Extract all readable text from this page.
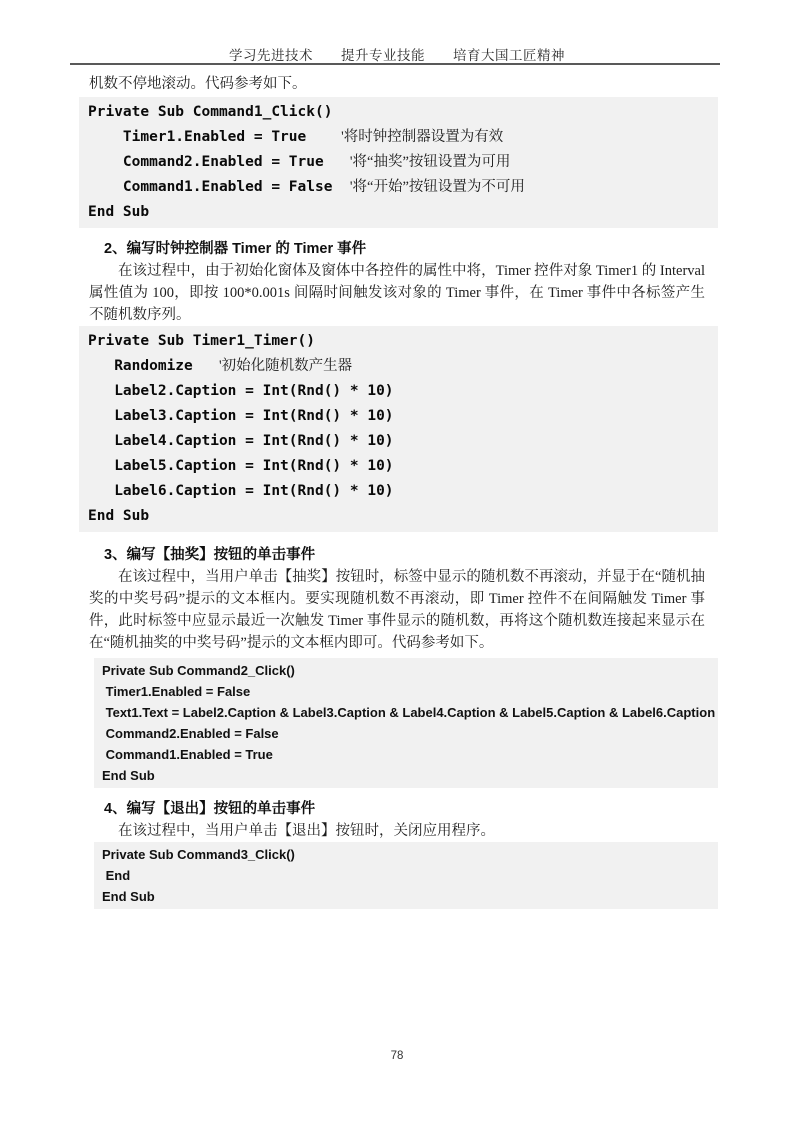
学习先进技术　　提升专业技能　　培育大国工匠精神
机数不停地滚动。代码参考如下。
Private Sub Command1_Click()
Timer1.Enabled = True    '将时钟控制器设置为有效
Command2.Enabled = True   '将“抽奖”按钮设置为可用
Command1.Enabled = False  '将“开始”按钮设置为不可用
End Sub
2、编写时钟控制器 Timer 的 Timer 事件
在该过程中，由于初始化窗体及窗体中各控件的属性中将，Timer 控件对象 Timer1 的 Interval 属性值为 100，即按 100*0.001s 间隔时间触发该对象的 Timer 事件，在 Timer 事件中各标签产生不随机数序列。
Private Sub Timer1_Timer()
Randomize   '初始化随机数产生器
Label2.Caption = Int(Rnd() * 10)
Label3.Caption = Int(Rnd() * 10)
Label4.Caption = Int(Rnd() * 10)
Label5.Caption = Int(Rnd() * 10)
Label6.Caption = Int(Rnd() * 10)
End Sub
3、编写【抽奖】按钮的单击事件
在该过程中，当用户单击【抽奖】按钮时，标签中显示的随机数不再滚动，并显于在“随机抽奖的中奖号码”提示的文本框内。要实现随机数不再滚动，即 Timer 控件不在间隔触发 Timer 事件，此时标签中应显示最近一次触发 Timer 事件显示的随机数，再将这个随机数连接起来显示在在“随机抽奖的中奖号码”提示的文本框内即可。代码参考如下。
Private Sub Command2_Click()
Timer1.Enabled = False
Text1.Text = Label2.Caption & Label3.Caption & Label4.Caption & Label5.Caption & Label6.Caption
Command2.Enabled = False
Command1.Enabled = True
End Sub
4、编写【退出】按钮的单击事件
在该过程中，当用户单击【退出】按钮时，关闭应用程序。
Private Sub Command3_Click()
End
End Sub
78
